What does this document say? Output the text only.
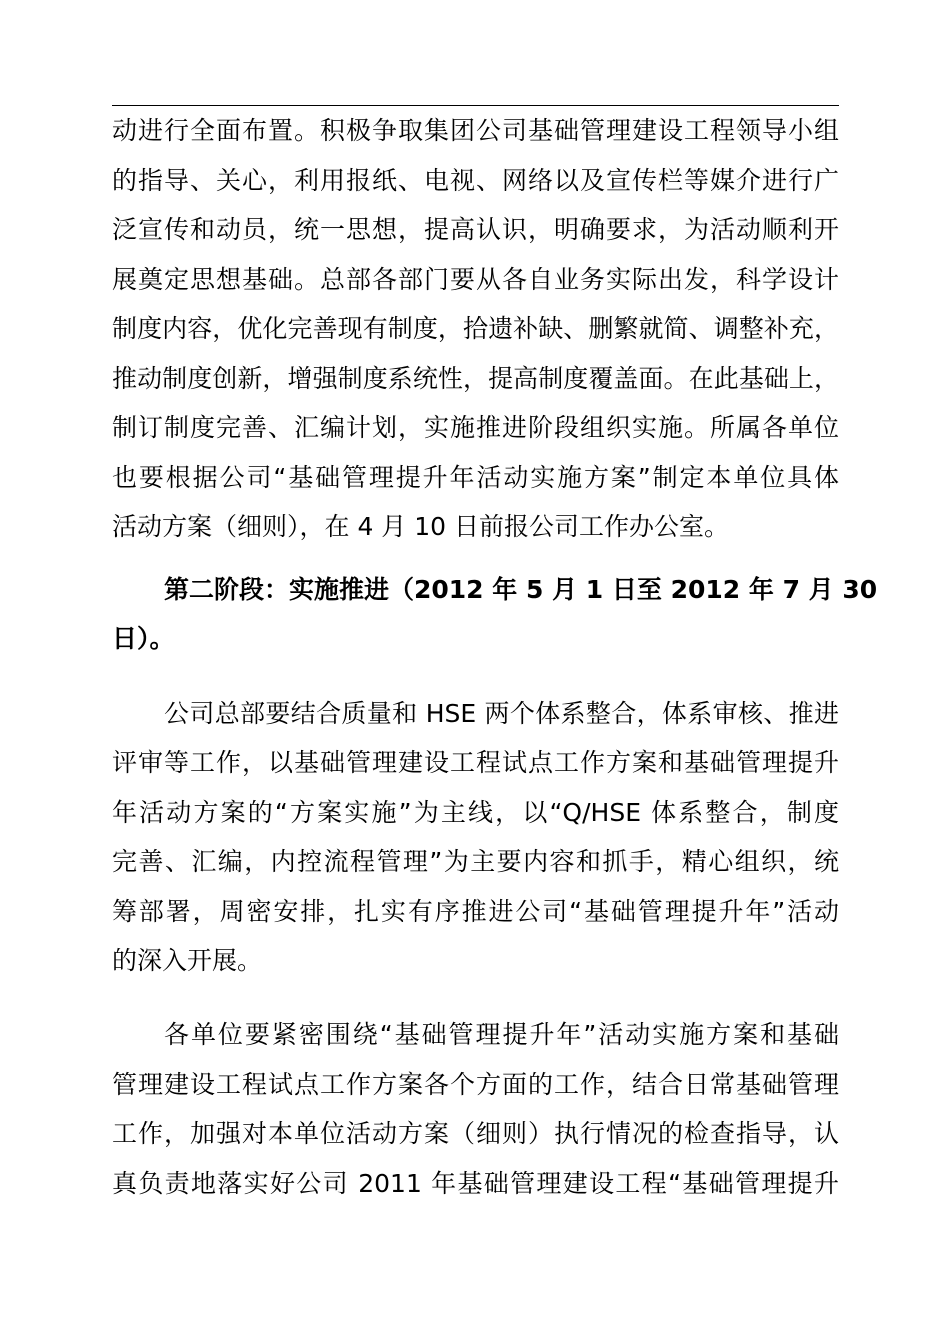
动进行全面布置。积极争取集团公司基础管理建设工程领导小组
的指导、关心，利用报纸、电视、网络以及宣传栏等媒介进行广
泛宣传和动员，统一思想，提高认识，明确要求，为活动顺利开
展奠定思想基础。总部各部门要从各自业务实际出发，科学设计
制度内容，优化完善现有制度，拾遗补缺、删繁就简、调整补充，
推动制度创新，增强制度系统性，提高制度覆盖面。在此基础上，
制订制度完善、汇编计划，实施推进阶段组织实施。所属各单位
也要根据公司“基础管理提升年活动实施方案”制定本单位具体
活动方案（细则），在 4 月 10 日前报公司工作办公室。
第二阶段：实施推进（2012 年 5 月 1 日至 2012 年 7 月 30
日）。
公司总部要结合质量和 HSE 两个体系整合，体系审核、推进
评审等工作，以基础管理建设工程试点工作方案和基础管理提升
年活动方案的“方案实施”为主线，以“Q/HSE 体系整合，制度
完善、汇编，内控流程管理”为主要内容和抓手，精心组织，统
筹部署，周密安排，扎实有序推进公司“基础管理提升年”活动
的深入开展。
各单位要紧密围绕“基础管理提升年”活动实施方案和基础
管理建设工程试点工作方案各个方面的工作，结合日常基础管理
工作，加强对本单位活动方案（细则）执行情况的检查指导，认
真负责地落实好公司 2011 年基础管理建设工程“基础管理提升
